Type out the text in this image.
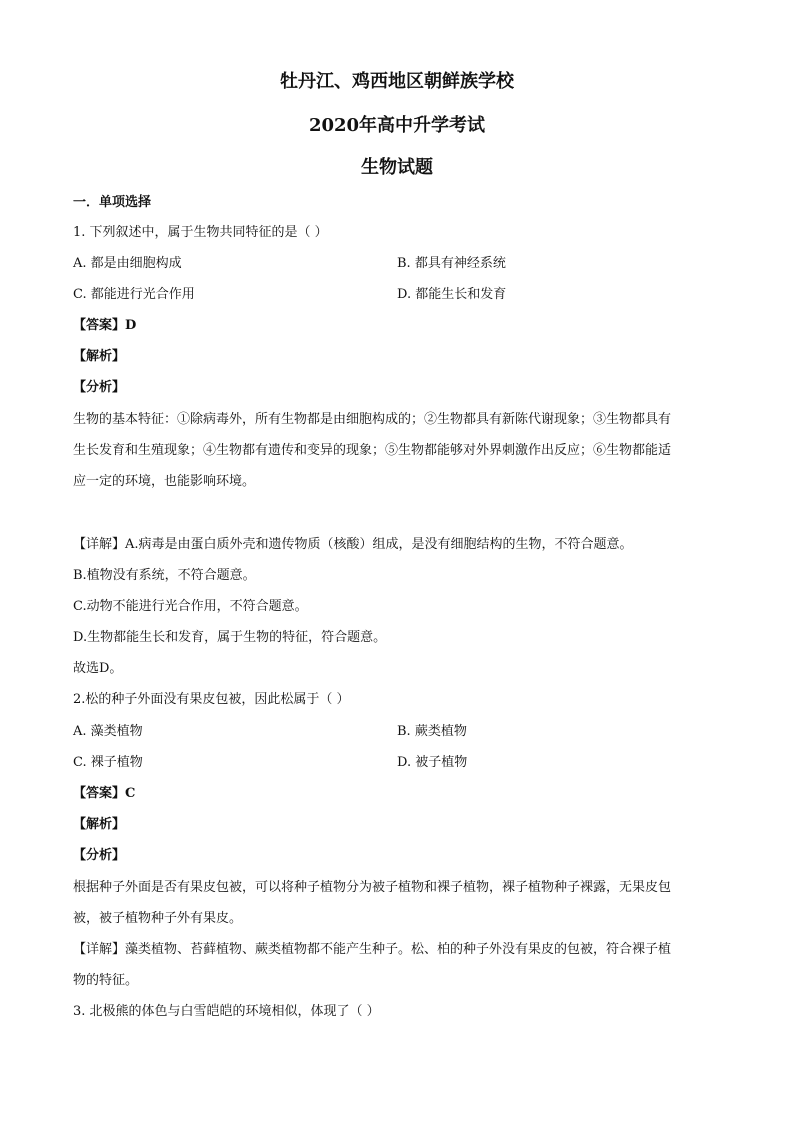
牡丹江、鸡西地区朝鲜族学校
2020年高中升学考试
生物试题
一．单项选择
1. 下列叙述中，属于生物共同特征的是（ ）
A. 都是由细胞构成	B. 都具有神经系统
C. 都能进行光合作用	D. 都能生长和发育
【答案】D
【解析】
【分析】
生物的基本特征：①除病毒外，所有生物都是由细胞构成的；②生物都具有新陈代谢现象；③生物都具有
生长发育和生殖现象；④生物都有遗传和变异的现象；⑤生物都能够对外界刺激作出反应；⑥生物都能适
应一定的环境，也能影响环境。
【详解】A.病毒是由蛋白质外壳和遗传物质（核酸）组成，是没有细胞结构的生物，不符合题意。
B.植物没有系统，不符合题意。
C.动物不能进行光合作用，不符合题意。
D.生物都能生长和发育，属于生物的特征，符合题意。
故选D。
2.松的种子外面没有果皮包被，因此松属于（ ）
A. 藻类植物	B. 蕨类植物
C. 裸子植物	D. 被子植物
【答案】C
【解析】
【分析】
根据种子外面是否有果皮包被，可以将种子植物分为被子植物和裸子植物，裸子植物种子裸露，无果皮包
被，被子植物种子外有果皮。
【详解】藻类植物、苔藓植物、蕨类植物都不能产生种子。松、柏的种子外没有果皮的包被，符合裸子植
物的特征。
3. 北极熊的体色与白雪皑皑的环境相似，体现了（ ）
